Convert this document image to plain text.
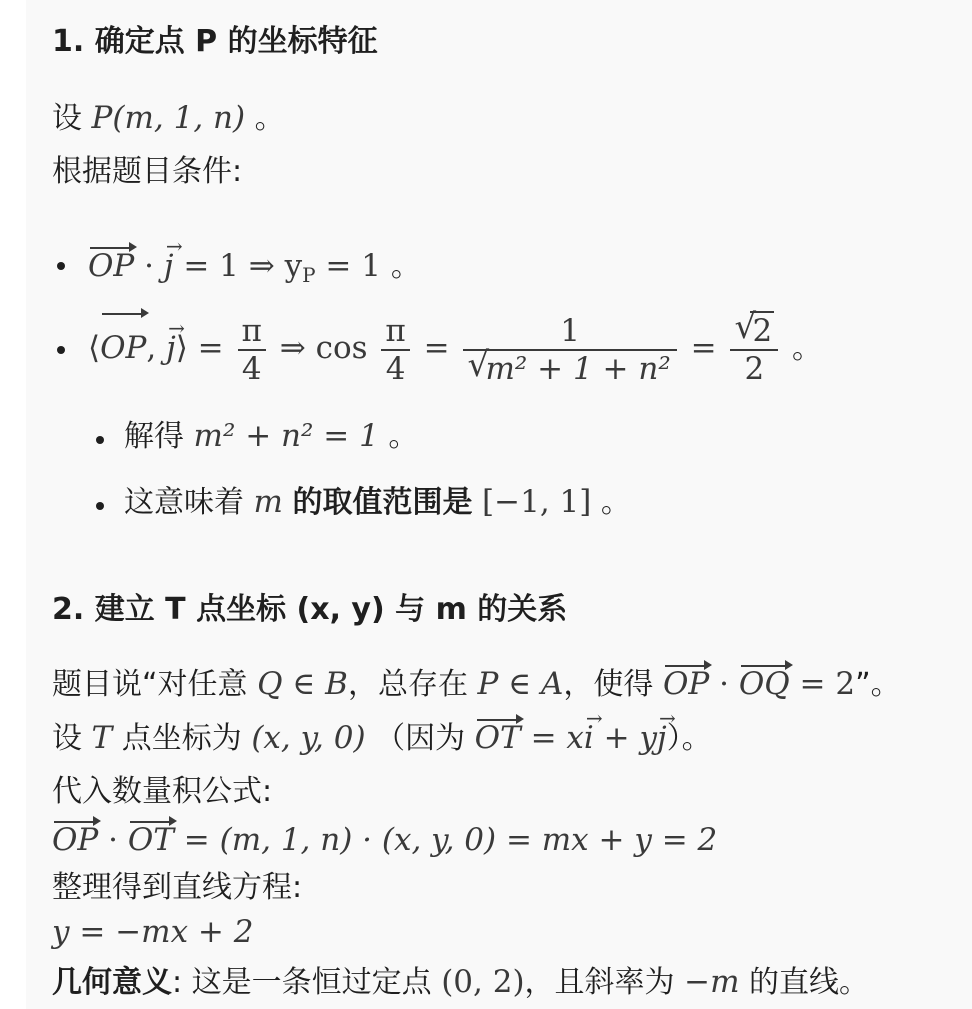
1. 确定点 P 的坐标特征
设 P(m, 1, n) 。
根据题目条件:
OP · j → = 1 ⇒ $y_P = 1$ 。
⟨OP, j →⟩ = $\frac{\pi}{4}$ ⇒ $\cos \frac{\pi}{4} = 1$
√
m² + 1 + n² = √
2
2 。
解得 m² + n² = 1 。
这意味着 m 的取值范围是 [−1, 1] 。
2. 建立 T 点坐标 (x, y) 与 m 的关系
题目说“对任意 Q ∈ B，总存在 P ∈ A，使得 OP · OQ = 2”。
设 T 点坐标为 (x, y, 0) （因为 OT = xi → + yj →）。
代入数量积公式:
OP · OT = (m, 1, n) · (x, y, 0) = mx + y = 2
整理得到直线方程:
y = −mx + 2
几何意义: 这是一条恒过定点 (0, 2)，且斜率为 −m 的直线。
